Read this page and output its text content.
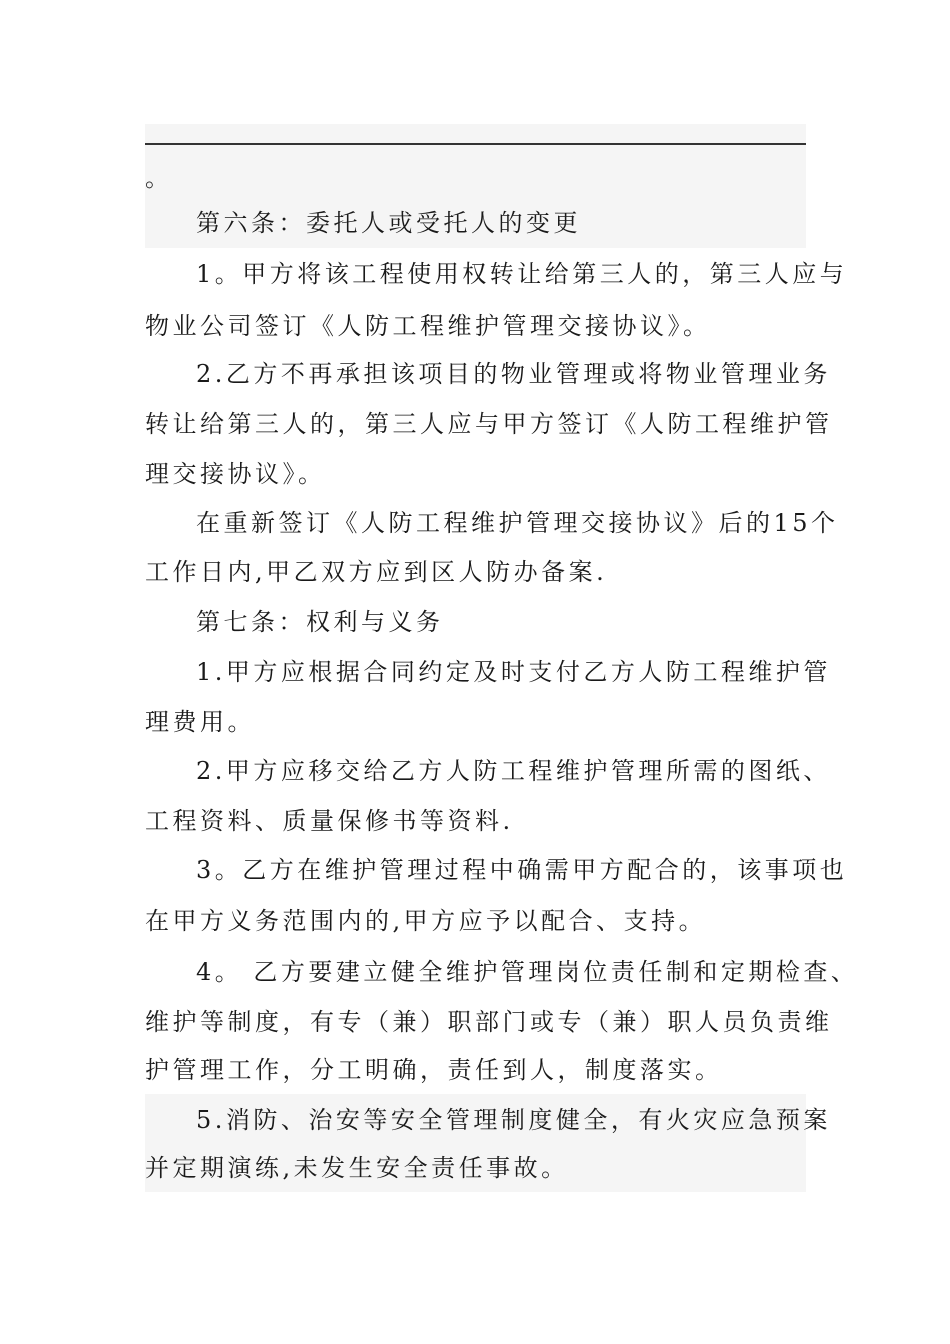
。
第六条：委托人或受托人的变更
1。甲方将该工程使用权转让给第三人的，第三人应与
物业公司签订《人防工程维护管理交接协议》。
2.乙方不再承担该项目的物业管理或将物业管理业务
转让给第三人的，第三人应与甲方签订《人防工程维护管
理交接协议》。
在重新签订《人防工程维护管理交接协议》后的15个
工作日内,甲乙双方应到区人防办备案.
第七条：权利与义务
1.甲方应根据合同约定及时支付乙方人防工程维护管
理费用。
2.甲方应移交给乙方人防工程维护管理所需的图纸、
工程资料、质量保修书等资料.
3。乙方在维护管理过程中确需甲方配合的，该事项也
在甲方义务范围内的,甲方应予以配合、支持。
4。 乙方要建立健全维护管理岗位责任制和定期检查、
维护等制度，有专（兼）职部门或专（兼）职人员负责维
护管理工作，分工明确，责任到人，制度落实。
5.消防、治安等安全管理制度健全，有火灾应急预案
并定期演练,未发生安全责任事故。
